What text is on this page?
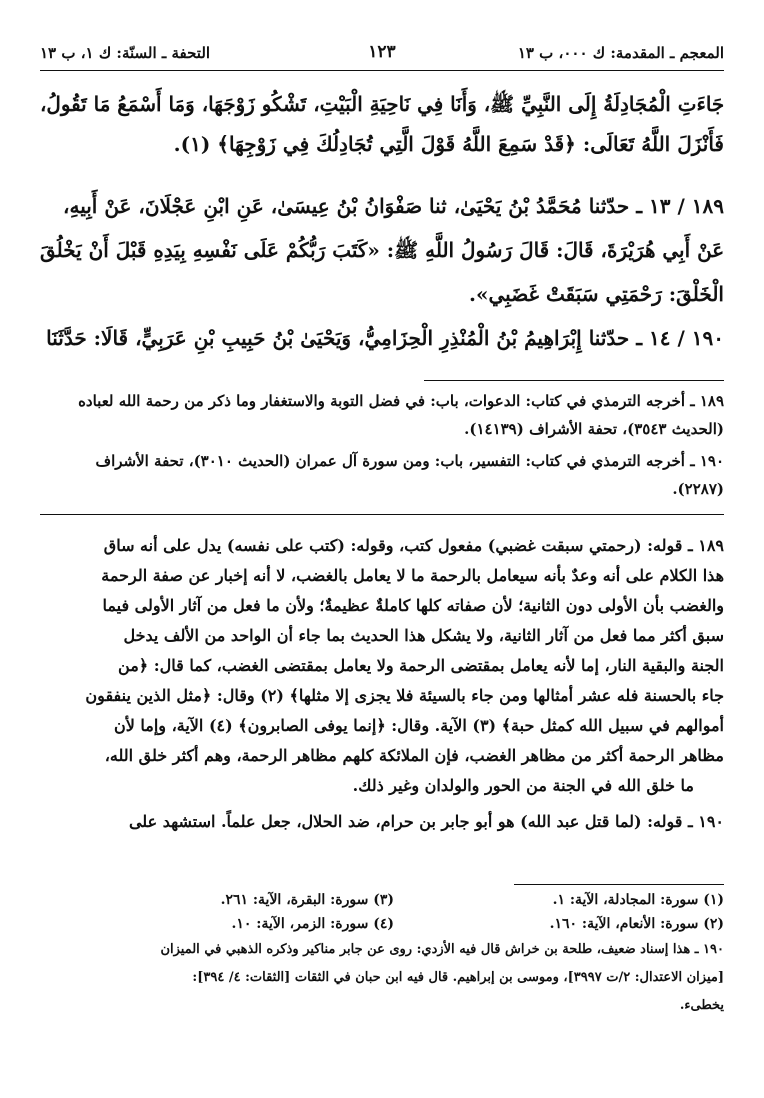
المعجم ـ المقدمة: ك ٠٠٠، ب ١٣
١٢٣
التحفة ـ السنّة: ك ١، ب ١٣
جَاءَتِ الْمُجَادِلَةُ إِلَى النَّبِيِّ ﷺ، وَأَنَا فِي نَاحِيَةِ الْبَيْتِ، تَشْكُو زَوْجَهَا، وَمَا أَسْمَعُ مَا تَقُولُ،
فَأَنْزَلَ اللَّهُ تَعَالَى: ﴿قَدْ سَمِعَ اللَّهُ قَوْلَ الَّتِي تُجَادِلُكَ فِي زَوْجِهَا﴾ (١).
١٨٩ / ١٣ ـ حدّثنا مُحَمَّدُ بْنُ يَحْيَىٰ، ثنا صَفْوَانُ بْنُ عِيسَىٰ، عَنِ ابْنِ عَجْلَانَ، عَنْ أَبِيهِ،
عَنْ أَبِي هُرَيْرَةَ، قَالَ: قَالَ رَسُولُ اللَّهِ ﷺ: «كَتَبَ رَبُّكُمْ عَلَى نَفْسِهِ بِيَدِهِ قَبْلَ أَنْ يَخْلُقَ
الْخَلْقَ: رَحْمَتِي سَبَقَتْ غَضَبِي».
١٩٠ / ١٤ ـ حدّثنا إِبْرَاهِيمُ بْنُ الْمُنْذِرِ الْحِزَامِيُّ، وَيَحْيَىٰ بْنُ حَبِيبِ بْنِ عَرَبِيٍّ، قَالَا: حَدَّثَنَا
١٨٩ ـ أخرجه الترمذي في كتاب: الدعوات، باب: في فضل التوبة والاستغفار وما ذكر من رحمة الله لعباده
(الحديث ٣٥٤٣)، تحفة الأشراف (١٤١٣٩).
١٩٠ ـ أخرجه الترمذي في كتاب: التفسير، باب: ومن سورة آل عمران (الحديث ٣٠١٠)، تحفة الأشراف
(٢٢٨٧).
١٨٩ ـ قوله: (رحمتي سبقت غضبي) مفعول كتب، وقوله: (كتب على نفسه) يدل على أنه ساق
هذا الكلام على أنه وعدٌ بأنه سيعامل بالرحمة ما لا يعامل بالغضب، لا أنه إخبار عن صفة الرحمة
والغضب بأن الأولى دون الثانية؛ لأن صفاته كلها كاملةٌ عظيمةٌ؛ ولأن ما فعل من آثار الأولى فيما
سبق أكثر مما فعل من آثار الثانية، ولا يشكل هذا الحديث بما جاء أن الواحد من الألف يدخل
الجنة والبقية النار، إما لأنه يعامل بمقتضى الرحمة ولا يعامل بمقتضى الغضب، كما قال: ﴿من
جاء بالحسنة فله عشر أمثالها ومن جاء بالسيئة فلا يجزى إلا مثلها﴾ (٢) وقال: ﴿مثل الذين ينفقون
أموالهم في سبيل الله كمثل حبة﴾ (٣) الآية. وقال: ﴿إنما يوفى الصابرون﴾ (٤) الآية، وإما لأن
مظاهر الرحمة أكثر من مظاهر الغضب، فإن الملائكة كلهم مظاهر الرحمة، وهم أكثر خلق الله،
ما خلق الله في الجنة من الحور والولدان وغير ذلك.
١٩٠ ـ قوله: (لما قتل عبد الله) هو أبو جابر بن حرام، ضد الحلال، جعل علماً. استشهد على
(١) سورة: المجادلة، الآية: ١.
(٢) سورة: الأنعام، الآية: ١٦٠.
(٣) سورة: البقرة، الآية: ٢٦١.
(٤) سورة: الزمر، الآية: ١٠.
١٩٠ ـ هذا إسناد ضعيف، طلحة بن خراش قال فيه الأزدي: روى عن جابر مناكير وذكره الذهبي في الميزان
[ميزان الاعتدال: ٢/ت ٣٩٩٧]، وموسى بن إبراهيم. قال فيه ابن حبان في الثقات [الثقات: ٤/ ٣٩٤]:
يخطىء.
